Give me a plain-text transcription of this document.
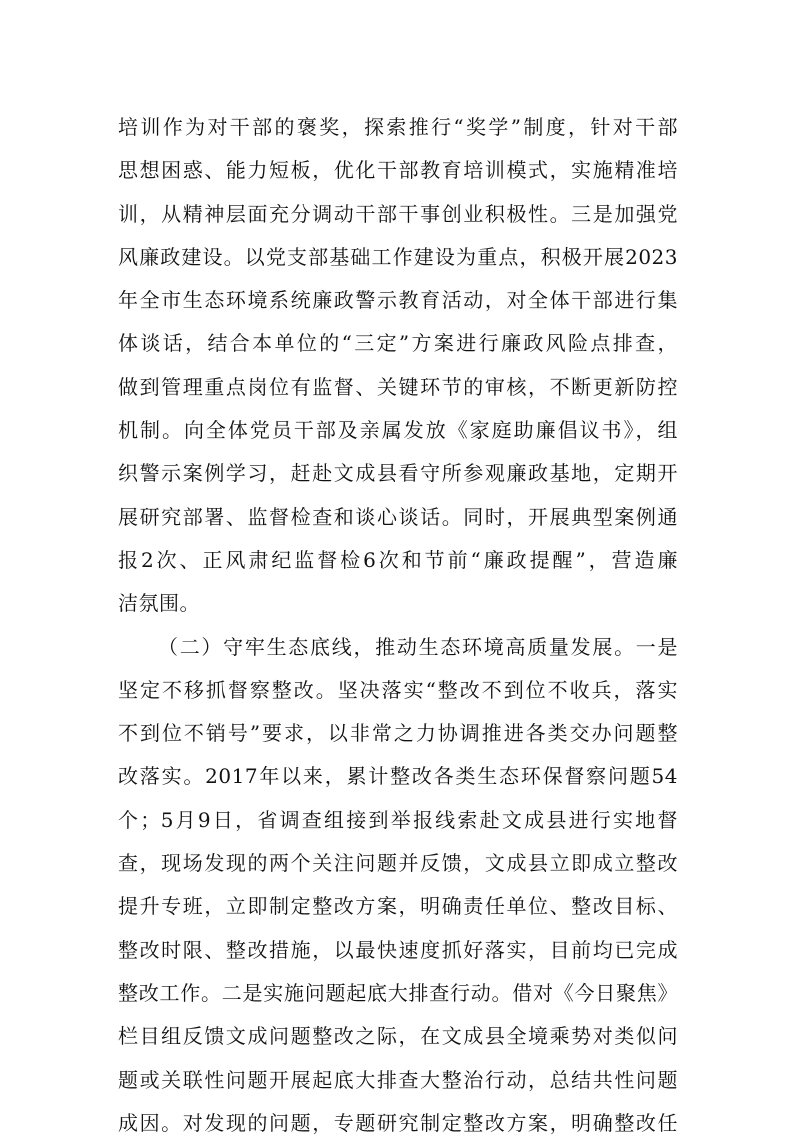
培训作为对干部的褒奖，探索推行“奖学”制度，针对干部
思想困惑、能力短板，优化干部教育培训模式，实施精准培
训，从精神层面充分调动干部干事创业积极性。三是加强党
风廉政建设。以党支部基础工作建设为重点，积极开展2023
年全市生态环境系统廉政警示教育活动，对全体干部进行集
体谈话，结合本单位的“三定”方案进行廉政风险点排查，
做到管理重点岗位有监督、关键环节的审核，不断更新防控
机制。向全体党员干部及亲属发放《家庭助廉倡议书》，组
织警示案例学习，赶赴文成县看守所参观廉政基地，定期开
展研究部署、监督检查和谈心谈话。同时，开展典型案例通
报2次、正风肃纪监督检6次和节前“廉政提醒”，营造廉
洁氛围。
（二）守牢生态底线，推动生态环境高质量发展。一是
坚定不移抓督察整改。坚决落实“整改不到位不收兵，落实
不到位不销号”要求，以非常之力协调推进各类交办问题整
改落实。2017年以来，累计整改各类生态环保督察问题54
个；5月9日，省调查组接到举报线索赴文成县进行实地督
查，现场发现的两个关注问题并反馈，文成县立即成立整改
提升专班，立即制定整改方案，明确责任单位、整改目标、
整改时限、整改措施，以最快速度抓好落实，目前均已完成
整改工作。二是实施问题起底大排查行动。借对《今日聚焦》
栏目组反馈文成问题整改之际，在文成县全境乘势对类似问
题或关联性问题开展起底大排查大整治行动，总结共性问题
成因。对发现的问题，专题研究制定整改方案，明确整改任
